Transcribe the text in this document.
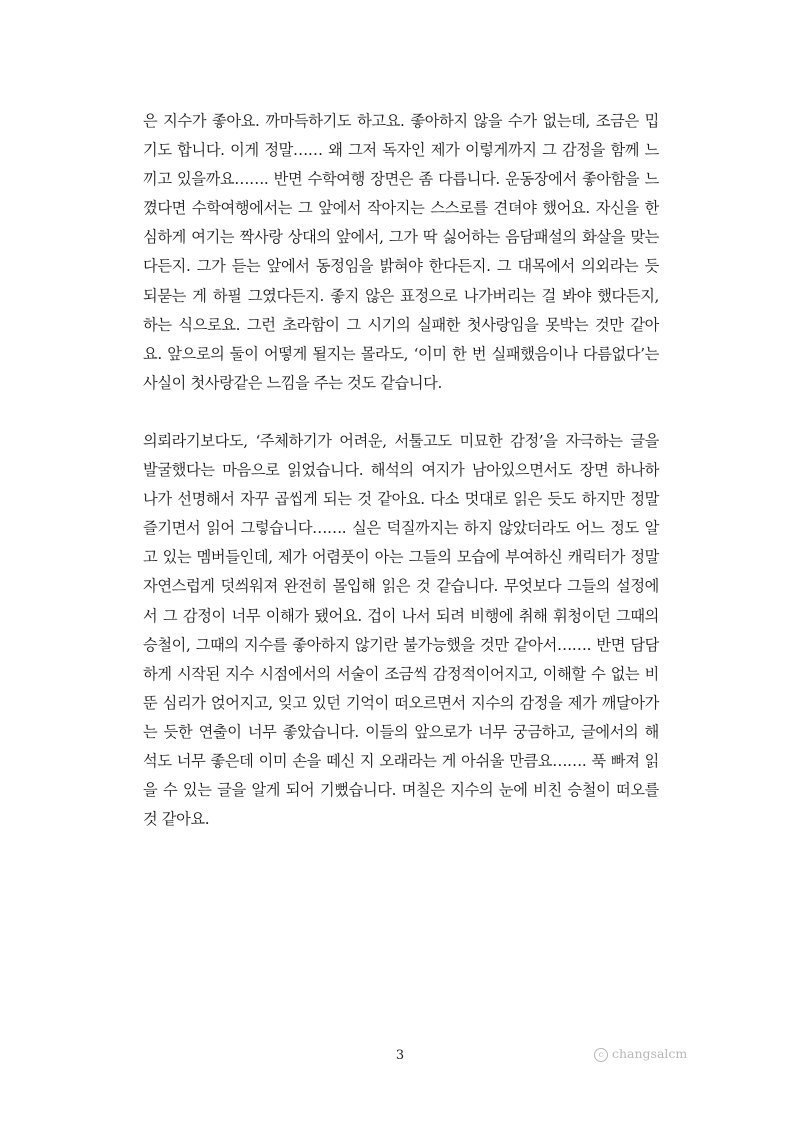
은 지수가 좋아요. 까마득하기도 하고요. 좋아하지 않을 수가 없는데, 조금은 밉
기도 합니다. 이게 정말…… 왜 그저 독자인 제가 이렇게까지 그 감정을 함께 느
끼고 있을까요……. 반면 수학여행 장면은 좀 다릅니다. 운동장에서 좋아함을 느
꼈다면 수학여행에서는 그 앞에서 작아지는 스스로를 견뎌야 했어요. 자신을 한
심하게 여기는 짝사랑 상대의 앞에서, 그가 딱 싫어하는 음담패설의 화살을 맞는
다든지. 그가 듣는 앞에서 동정임을 밝혀야 한다든지. 그 대목에서 의외라는 듯
되묻는 게 하필 그였다든지. 좋지 않은 표정으로 나가버리는 걸 봐야 했다든지,
하는 식으로요. 그런 초라함이 그 시기의 실패한 첫사랑임을 못박는 것만 같아
요. 앞으로의 둘이 어떻게 될지는 몰라도, ‘이미 한 번 실패했음이나 다름없다’는
사실이 첫사랑같은 느낌을 주는 것도 같습니다.
의뢰라기보다도, ‘주체하기가 어려운, 서툴고도 미묘한 감정’을 자극하는 글을
발굴했다는 마음으로 읽었습니다. 해석의 여지가 남아있으면서도 장면 하나하
나가 선명해서 자꾸 곱씹게 되는 것 같아요. 다소 멋대로 읽은 듯도 하지만 정말
즐기면서 읽어 그렇습니다……. 실은 덕질까지는 하지 않았더라도 어느 정도 알
고 있는 멤버들인데, 제가 어렴풋이 아는 그들의 모습에 부여하신 캐릭터가 정말
자연스럽게 덧씌워져 완전히 몰입해 읽은 것 같습니다. 무엇보다 그들의 설정에
서 그 감정이 너무 이해가 됐어요. 겁이 나서 되려 비행에 취해 휘청이던 그때의
승철이, 그때의 지수를 좋아하지 않기란 불가능했을 것만 같아서……. 반면 담담
하게 시작된 지수 시점에서의 서술이 조금씩 감정적이어지고, 이해할 수 없는 비
뚠 심리가 얹어지고, 잊고 있던 기억이 떠오르면서 지수의 감정을 제가 깨달아가
는 듯한 연출이 너무 좋았습니다. 이들의 앞으로가 너무 궁금하고, 글에서의 해
석도 너무 좋은데 이미 손을 떼신 지 오래라는 게 아쉬울 만큼요……. 푹 빠져 읽
을 수 있는 글을 알게 되어 기뻤습니다. 며칠은 지수의 눈에 비친 승철이 떠오를
것 같아요.
3	c changsalcm
